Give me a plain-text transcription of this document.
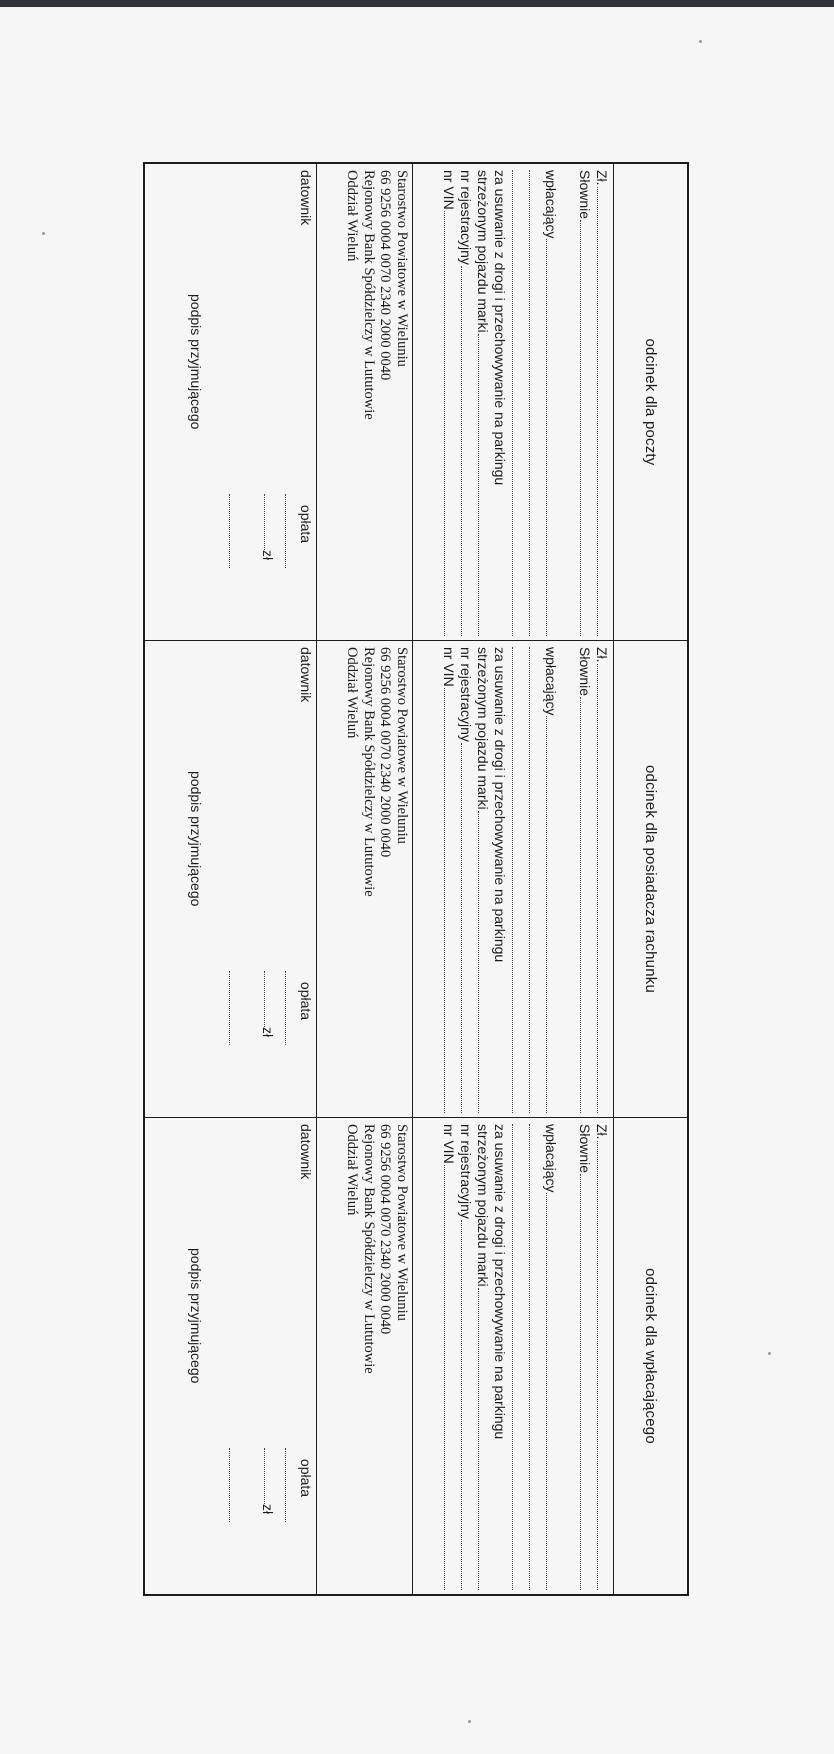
odcinek dla poczty
Zł.
Słownie
wpłacający
za usuwanie z drogi i przechowywanie na parkingu
strzeżonym pojazdu marki
nr rejestracyjny
nr VIN
Starostwo Powiatowe w Wieluniu
66 9256 0004 0070 2340 2000 0040
Rejonowy Bank Spółdzielczy w Lututowie
Oddział Wieluń
datownik
opłata
zł
podpis przyjmującego
odcinek dla posiadacza rachunku
Zł.
Słownie
wpłacający
za usuwanie z drogi i przechowywanie na parkingu
strzeżonym pojazdu marki
nr rejestracyjny
nr VIN
Starostwo Powiatowe w Wieluniu
66 9256 0004 0070 2340 2000 0040
Rejonowy Bank Spółdzielczy w Lututowie
Oddział Wieluń
datownik
opłata
zł
podpis przyjmującego
odcinek dla wpłacającego
Zł.
Słownie
wpłacający
za usuwanie z drogi i przechowywanie na parkingu
strzeżonym pojazdu marki
nr rejestracyjny
nr VIN
Starostwo Powiatowe w Wieluniu
66 9256 0004 0070 2340 2000 0040
Rejonowy Bank Spółdzielczy w Lututowie
Oddział Wieluń
datownik
opłata
zł
podpis przyjmującego
